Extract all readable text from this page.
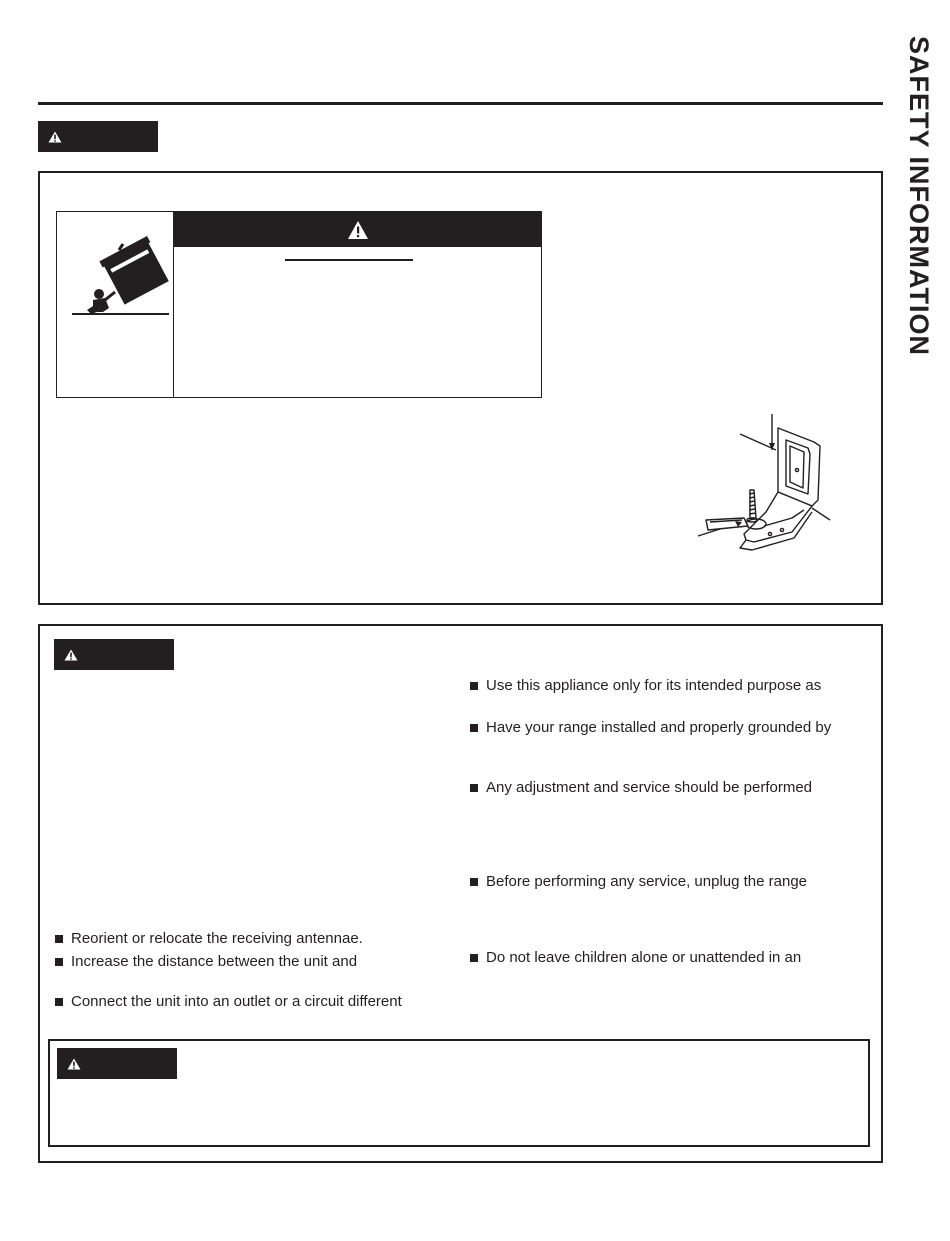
SAFETY INFORMATION
Use this appliance only for its intended purpose as
Have your range installed and properly grounded by
Any adjustment and service should be performed
Before performing any service, unplug the range
Do not leave children alone or unattended in an
Reorient or relocate the receiving antennae.
Increase the distance between the unit and
Connect the unit into an outlet or a circuit different
